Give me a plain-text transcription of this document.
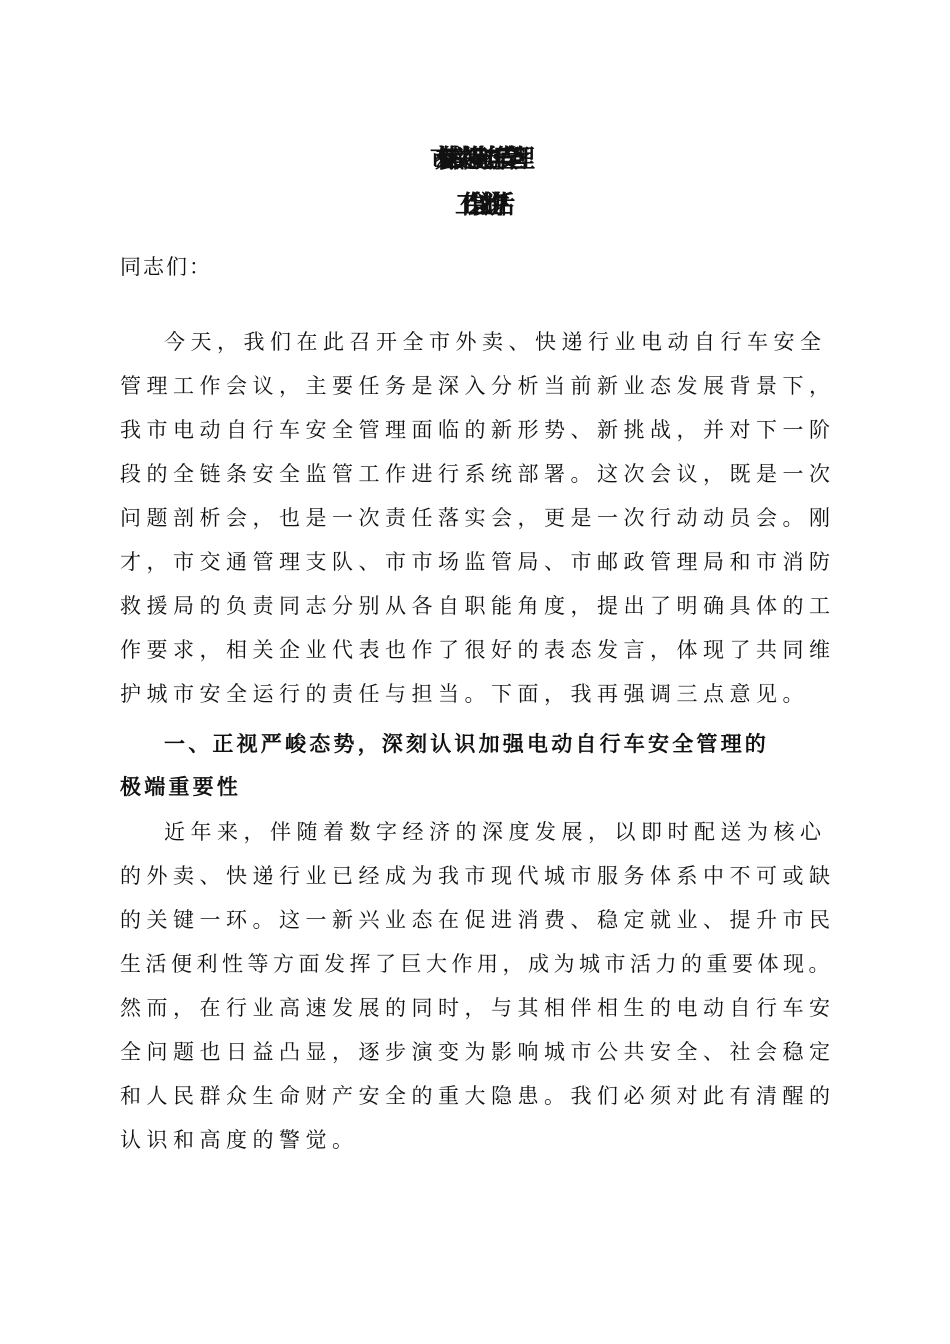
在xx市外卖、快递行业电动自行车安全管理
工作会议上的讲话
同志们：
今天，我们在此召开全市外卖、快递行业电动自行车安全
管理工作会议，主要任务是深入分析当前新业态发展背景下，
我市电动自行车安全管理面临的新形势、新挑战，并对下一阶
段的全链条安全监管工作进行系统部署。这次会议，既是一次
问题剖析会，也是一次责任落实会，更是一次行动动员会。刚
才，市交通管理支队、市市场监管局、市邮政管理局和市消防
救援局的负责同志分别从各自职能角度，提出了明确具体的工
作要求，相关企业代表也作了很好的表态发言，体现了共同维
护城市安全运行的责任与担当。下面，我再强调三点意见。
一、正视严峻态势，深刻认识加强电动自行车安全管理的
极端重要性
近年来，伴随着数字经济的深度发展，以即时配送为核心
的外卖、快递行业已经成为我市现代城市服务体系中不可或缺
的关键一环。这一新兴业态在促进消费、稳定就业、提升市民
生活便利性等方面发挥了巨大作用，成为城市活力的重要体现。
然而，在行业高速发展的同时，与其相伴相生的电动自行车安
全问题也日益凸显，逐步演变为影响城市公共安全、社会稳定
和人民群众生命财产安全的重大隐患。我们必须对此有清醒的
认识和高度的警觉。
